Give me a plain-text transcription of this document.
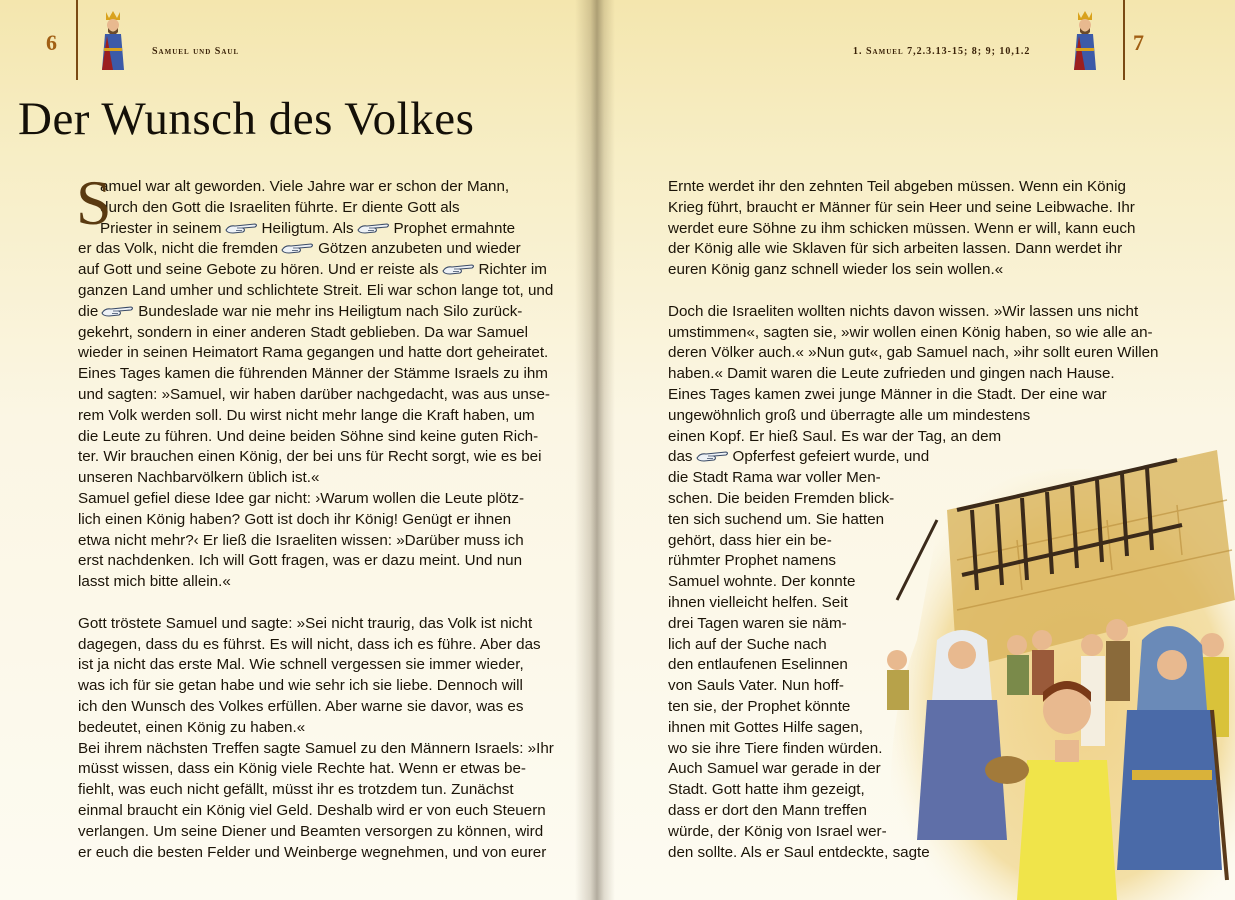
6	Samuel und Saul
Der Wunsch des Volkes
S
amuel war alt geworden. Viele Jahre war er schon der Mann,
durch den Gott die Israeliten führte. Er diente Gott als
Priester in seinem	Heiligtum. Als	Prophet ermahnte
er das Volk, nicht die fremden	Götzen anzubeten und wieder
auf Gott und seine Gebote zu hören. Und er reiste als	Richter im
ganzen Land umher und schlichtete Streit. Eli war schon lange tot, und
die	Bundeslade war nie mehr ins Heiligtum nach Silo zurück-
gekehrt, sondern in einer anderen Stadt geblieben. Da war Samuel
wieder in seinen Heimatort Rama gegangen und hatte dort geheiratet.
Eines Tages kamen die führenden Männer der Stämme Israels zu ihm
und sagten: »Samuel, wir haben darüber nachgedacht, was aus unse-
rem Volk werden soll. Du wirst nicht mehr lange die Kraft haben, um
die Leute zu führen. Und deine beiden Söhne sind keine guten Rich-
ter. Wir brauchen einen König, der bei uns für Recht sorgt, wie es bei
unseren Nachbarvölkern üblich ist.«
Samuel gefiel diese Idee gar nicht: ›Warum wollen die Leute plötz-
lich einen König haben? Gott ist doch ihr König! Genügt er ihnen
etwa nicht mehr?‹ Er ließ die Israeliten wissen: »Darüber muss ich
erst nachdenken. Ich will Gott fragen, was er dazu meint. Und nun
lasst mich bitte allein.«
Gott tröstete Samuel und sagte: »Sei nicht traurig, das Volk ist nicht
dagegen, dass du es führst. Es will nicht, dass ich es führe. Aber das
ist ja nicht das erste Mal. Wie schnell vergessen sie immer wieder,
was ich für sie getan habe und wie sehr ich sie liebe. Dennoch will
ich den Wunsch des Volkes erfüllen. Aber warne sie davor, was es
bedeutet, einen König zu haben.«
Bei ihrem nächsten Treffen sagte Samuel zu den Männern Israels: »Ihr
müsst wissen, dass ein König viele Rechte hat. Wenn er etwas be-
fiehlt, was euch nicht gefällt, müsst ihr es trotzdem tun. Zunächst
einmal braucht ein König viel Geld. Deshalb wird er von euch Steuern
verlangen. Um seine Diener und Beamten versorgen zu können, wird
er euch die besten Felder und Weinberge wegnehmen, und von eurer
1. Samuel 7,2.3.13-15; 8; 9; 10,1.2	7
Ernte werdet ihr den zehnten Teil abgeben müssen. Wenn ein König
Krieg führt, braucht er Männer für sein Heer und seine Leibwache. Ihr
werdet eure Söhne zu ihm schicken müssen. Wenn er will, kann euch
der König alle wie Sklaven für sich arbeiten lassen. Dann werdet ihr
euren König ganz schnell wieder los sein wollen.«
Doch die Israeliten wollten nichts davon wissen. »Wir lassen uns nicht
umstimmen«, sagten sie, »wir wollen einen König haben, so wie alle an-
deren Völker auch.« »Nun gut«, gab Samuel nach, »ihr sollt euren Willen
haben.« Damit waren die Leute zufrieden und gingen nach Hause.
Eines Tages kamen zwei junge Männer in die Stadt. Der eine war
ungewöhnlich groß und überragte alle um mindestens
einen Kopf. Er hieß Saul. Es war der Tag, an dem
das	Opferfest gefeiert wurde, und
die Stadt Rama war voller Men-
schen. Die beiden Fremden blick-
ten sich suchend um. Sie hatten
gehört, dass hier ein be-
rühmter Prophet namens
Samuel wohnte. Der konnte
ihnen vielleicht helfen. Seit
drei Tagen waren sie näm-
lich auf der Suche nach
den entlaufenen Eselinnen
von Sauls Vater. Nun hoff-
ten sie, der Prophet könnte
ihnen mit Gottes Hilfe sagen,
wo sie ihre Tiere finden würden.
Auch Samuel war gerade in der
Stadt. Gott hatte ihm gezeigt,
dass er dort den Mann treffen
würde, der König von Israel wer-
den sollte. Als er Saul entdeckte, sagte
